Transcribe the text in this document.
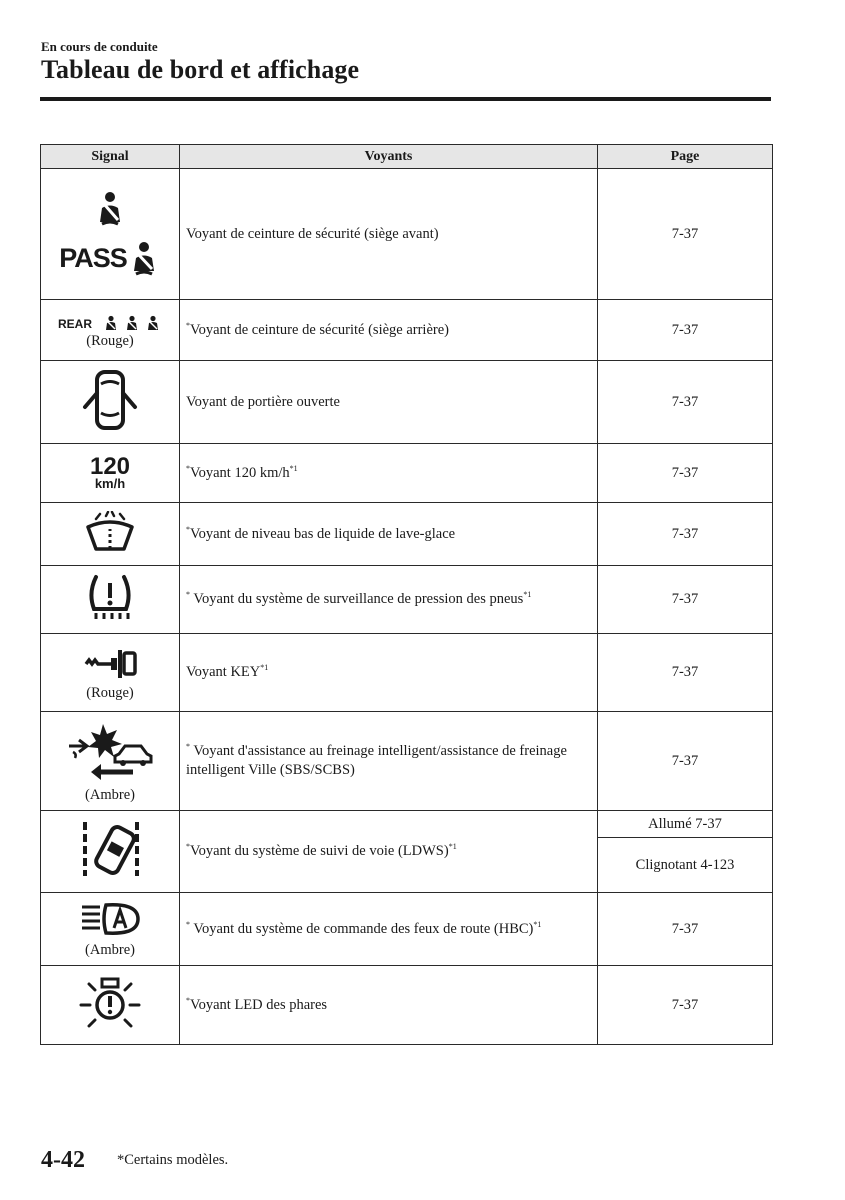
En cours de conduite
Tableau de bord et affichage
Signal	Voyants	Page

PASS	Voyant de ceinture de sécurité (siège avant)	7-37

REAR
(Rouge)	*Voyant de ceinture de sécurité (siège arrière)	7-37
	Voyant de portière ouverte	7-37

120
km/h	*Voyant 120 $km/h^{*1}$	7-37
	*Voyant de niveau bas de liquide de lave-glace	7-37
	* Voyant du système de surveillance de pression des pneus$^{*1}$	7-37

(Rouge)	Voyant KEY$^{*1}$	7-37

(Ambre)	* Voyant d'assistance au freinage intelligent/assistance de freinage intelligent Ville (SBS/SCBS)	7-37
	*Voyant du système de suivi de voie (LDWS)$^{*1}$	Allumé 7-37
Clignotant 4-123

(Ambre)	* Voyant du système de commande des feux de route (HBC)$^{*1}$	7-37
	*Voyant LED des phares	7-37
4-42 *Certains modèles.
